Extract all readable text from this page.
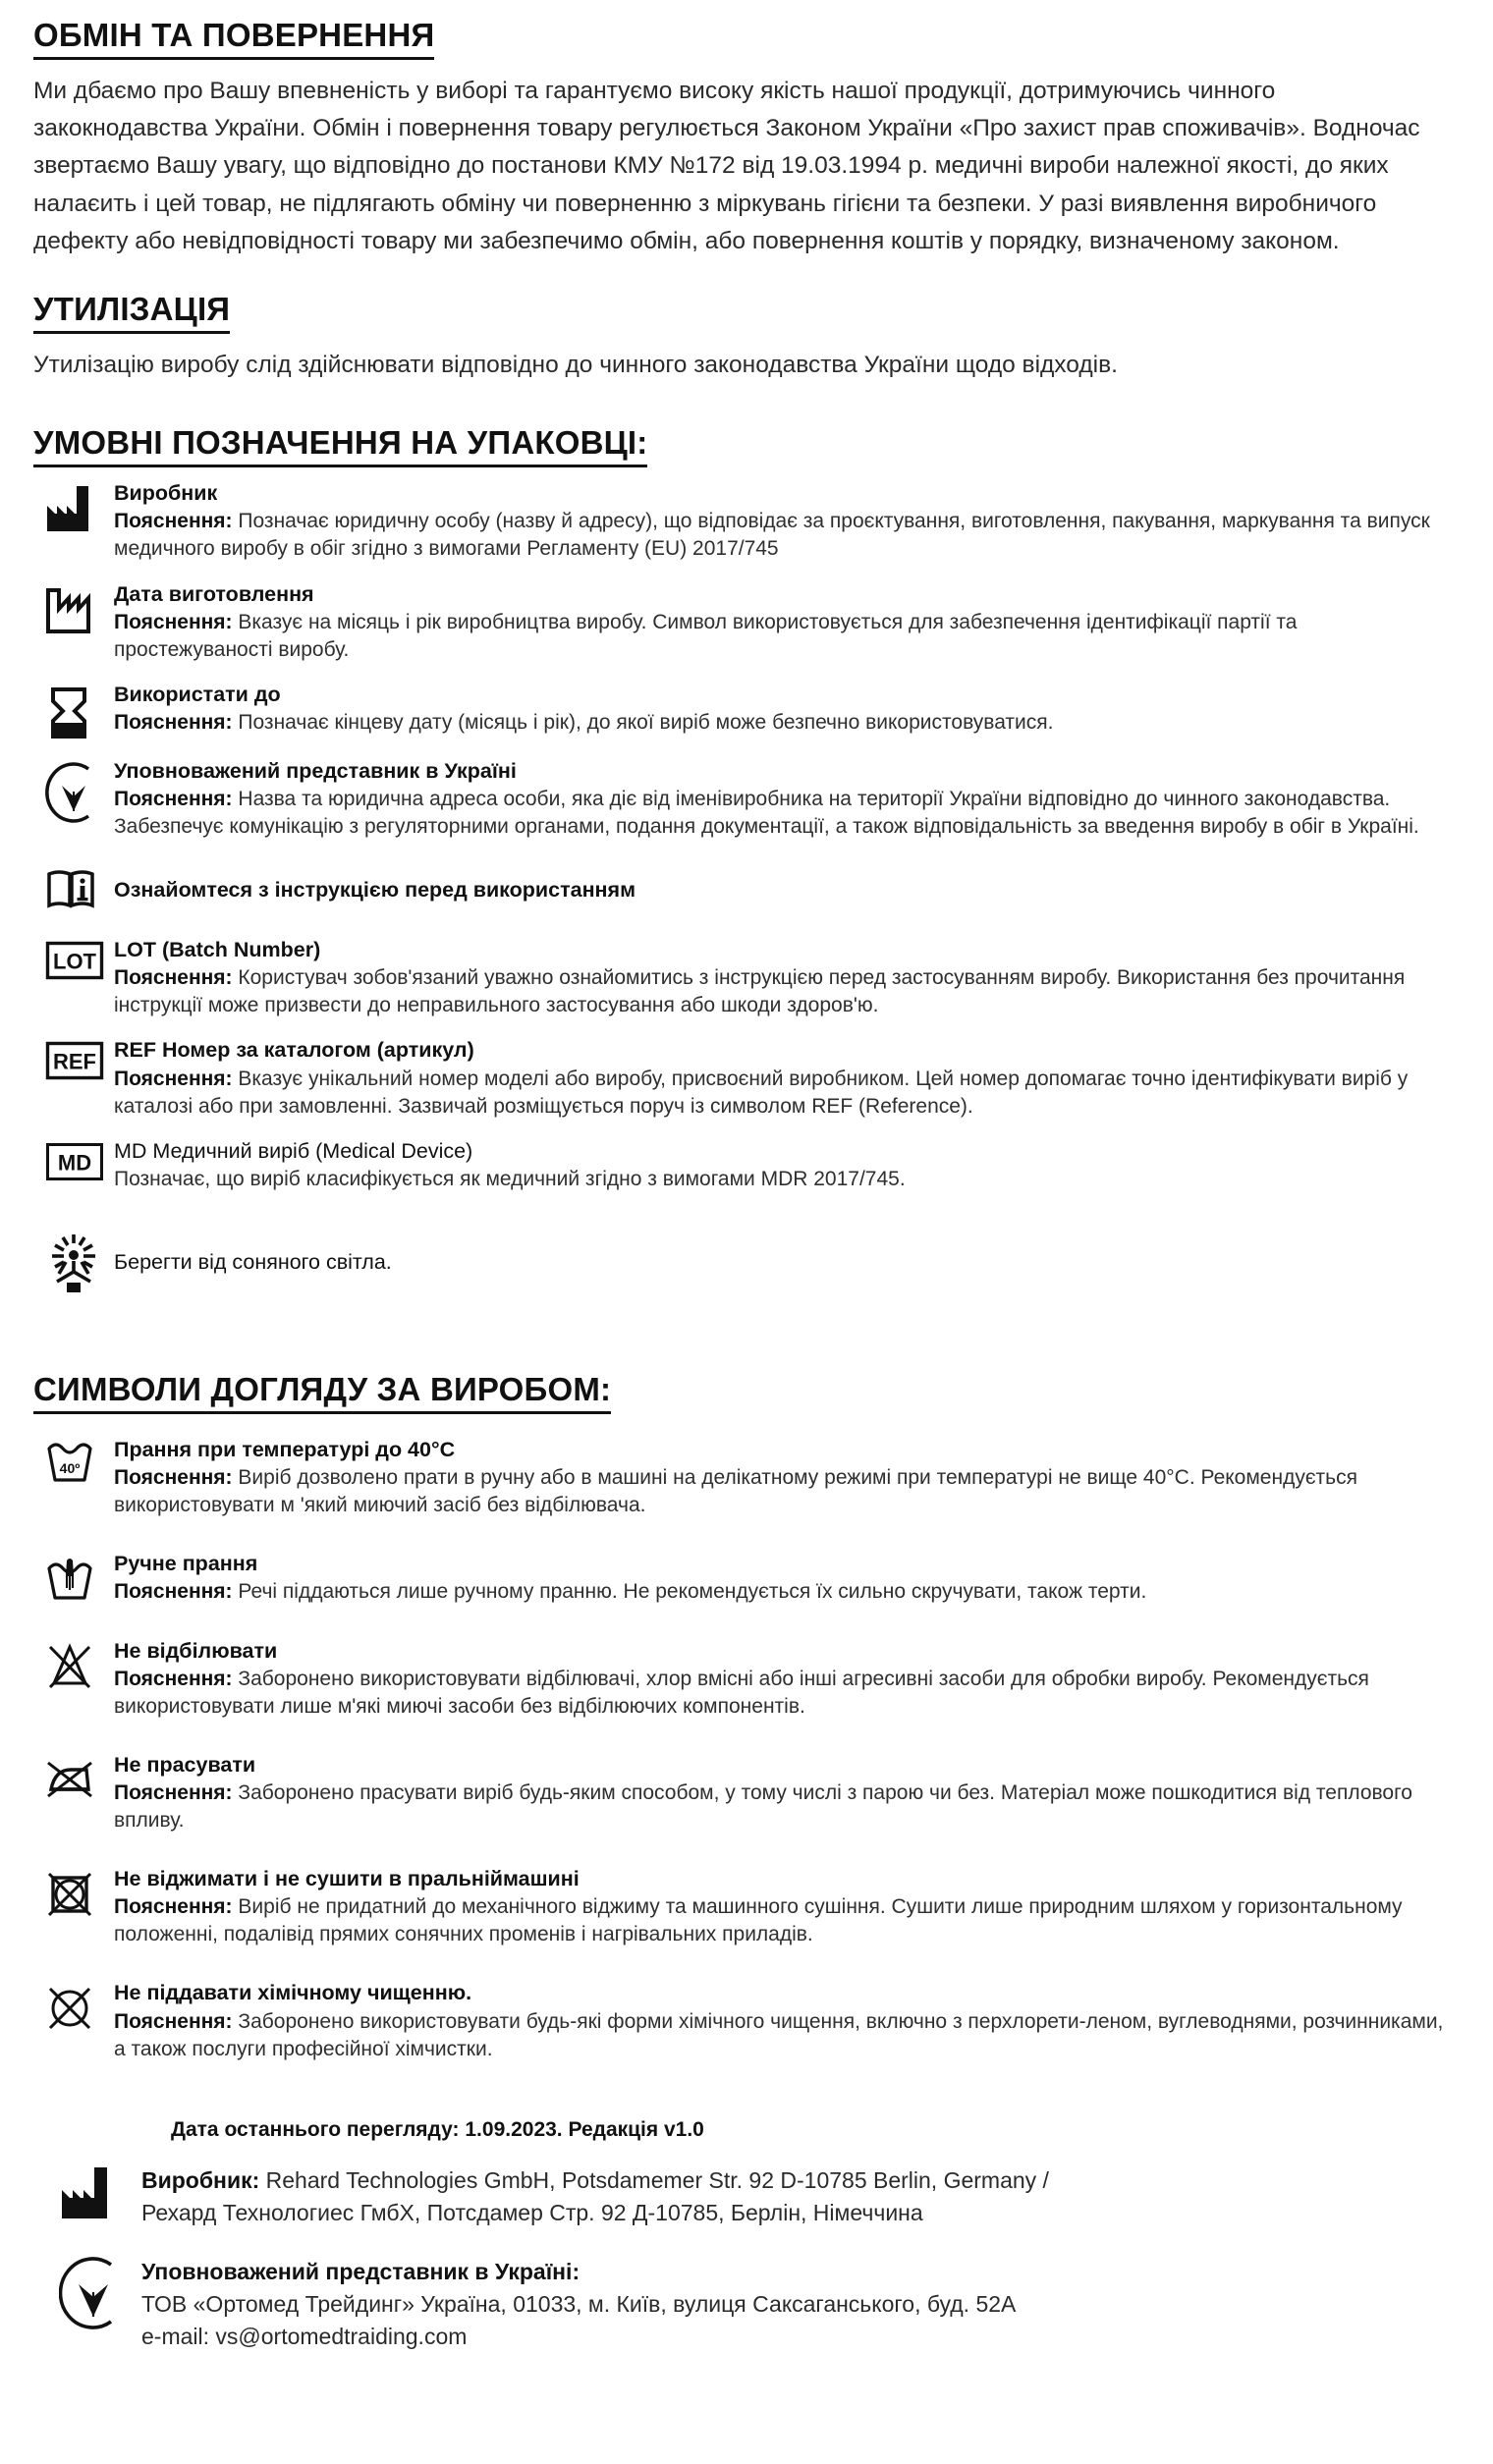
ОБМІН ТА ПОВЕРНЕННЯ

Ми дбаємо про Вашу впевненість у виборі та гарантуємо високу якість нашої продукції, дотримуючись чинного закокнодавства України. Обмін і повернення товару регулюється Законом України «Про захист прав споживачів». Водночас звертаємо Вашу увагу, що відповідно до постанови КМУ №172 від 19.03.1994 р. медичні вироби належної якості, до яких налаєить і цей товар, не підлягають обміну чи поверненню з міркувань гігієни та безпеки. У разі виявлення виробничого дефекту або невідповідності товару ми забезпечимо обмін, або повернення коштів у порядку, визначеному законом.

УТИЛІЗАЦІЯ

Утилізацію виробу слід здійснювати відповідно до чинного законодавства України щодо відходів.

УМОВНІ ПОЗНАЧЕННЯ НА УПАКОВЦІ:
Виробник

Пояснення: Позначає юридичну особу (назву й адресу), що відповідає за проєктування, виготовлення, пакування, маркування та випуск медичного виробу в обіг згідно з вимогами Регламенту (EU) 2017/745

Дата виготовлення

Пояснення: Вказує на місяць і рік виробництва виробу. Символ використовується для забезпечення ідентифікації партії та простежуваності виробу.

Використати до

Пояснення: Позначає кінцеву дату (місяць і рік), до якої виріб може безпечно використовуватися.

Уповноважений представник в Україні

Пояснення: Назва та юридична адреса особи, яка діє від іменівиробника на території України відповідно до чинного законодавства. Забезпечує комунікацію з регуляторними органами, подання документації, а також відповідальність за введення виробу в обіг в Україні.

Ознайомтеся з інструкцією перед використанням
LOT LOT (Batch Number)

Пояснення: Користувач зобов'язаний уважно ознайомитись з інструкцією перед застосуванням виробу. Використання без прочитання інструкції може призвести до неправильного застосування або шкоди здоров'ю.

REF REF Номер за каталогом (артикул)

Пояснення: Вказує унікальний номер моделі або виробу, присвоєний виробником. Цей номер допомагає точно ідентифікувати виріб у каталозі або при замовленні. Зазвичай розміщується поруч із символом REF (Reference).

MD MD Медичний виріб (Medical Device)

Позначає, що виріб класифікується як медичний згідно з вимогами MDR 2017/745.

Берегти від соняного світла.
СИМВОЛИ ДОГЛЯДУ ЗА ВИРОБОМ:
40º
Прання при температурі до 40°C

Пояснення: Виріб дозволено прати в ручну або в машині на делікатному режимі при температурі не вище 40°C. Рекомендується використовувати м 'який миючий засіб без відбілювача.

Ручне прання

Пояснення: Речі піддаються лише ручному пранню. Не рекомендується їх сильно скручувати, також терти.

Не відбілювати

Пояснення: Заборонено використовувати відбілювачі, хлор вмісні або інші агресивні засоби для обробки виробу. Рекомендується використовувати лише м'які миючі засоби без відбілюючих компонентів.

Не прасувати

Пояснення: Заборонено прасувати виріб будь-яким способом, у тому числі з парою чи без. Матеріал може пошкодитися від теплового впливу.

Не віджимати і не сушити в пральніймашині

Пояснення: Виріб не придатний до механічного віджиму та машинного сушіння. Сушити лише природним шляхом у горизонтальному положенні, подалівід прямих сонячних променів і нагрівальних приладів.

Не піддавати хімічному чищенню.

Пояснення: Заборонено використовувати будь-які форми хімічного чищення, включно з перхлорети-леном, вуглеводнями, розчинниками, а також послуги професійної хімчистки.

Дата останнього перегляду: 1.09.2023. Редакція v1.0

Виробник: Rehard Technologies GmbH, Potsdamemer Str. 92 D-10785 Berlin, Germany /

Рехард Технологиес ГмбХ, Потсдамер Стр. 92 Д-10785, Берлін, Німеччина

Уповноважений представник в Україні:

ТОВ «Ортомед Трейдинг» Україна, 01033, м. Київ, вулиця Саксаганського, буд. 52А

e-mail: vs@ortomedtraiding.com
